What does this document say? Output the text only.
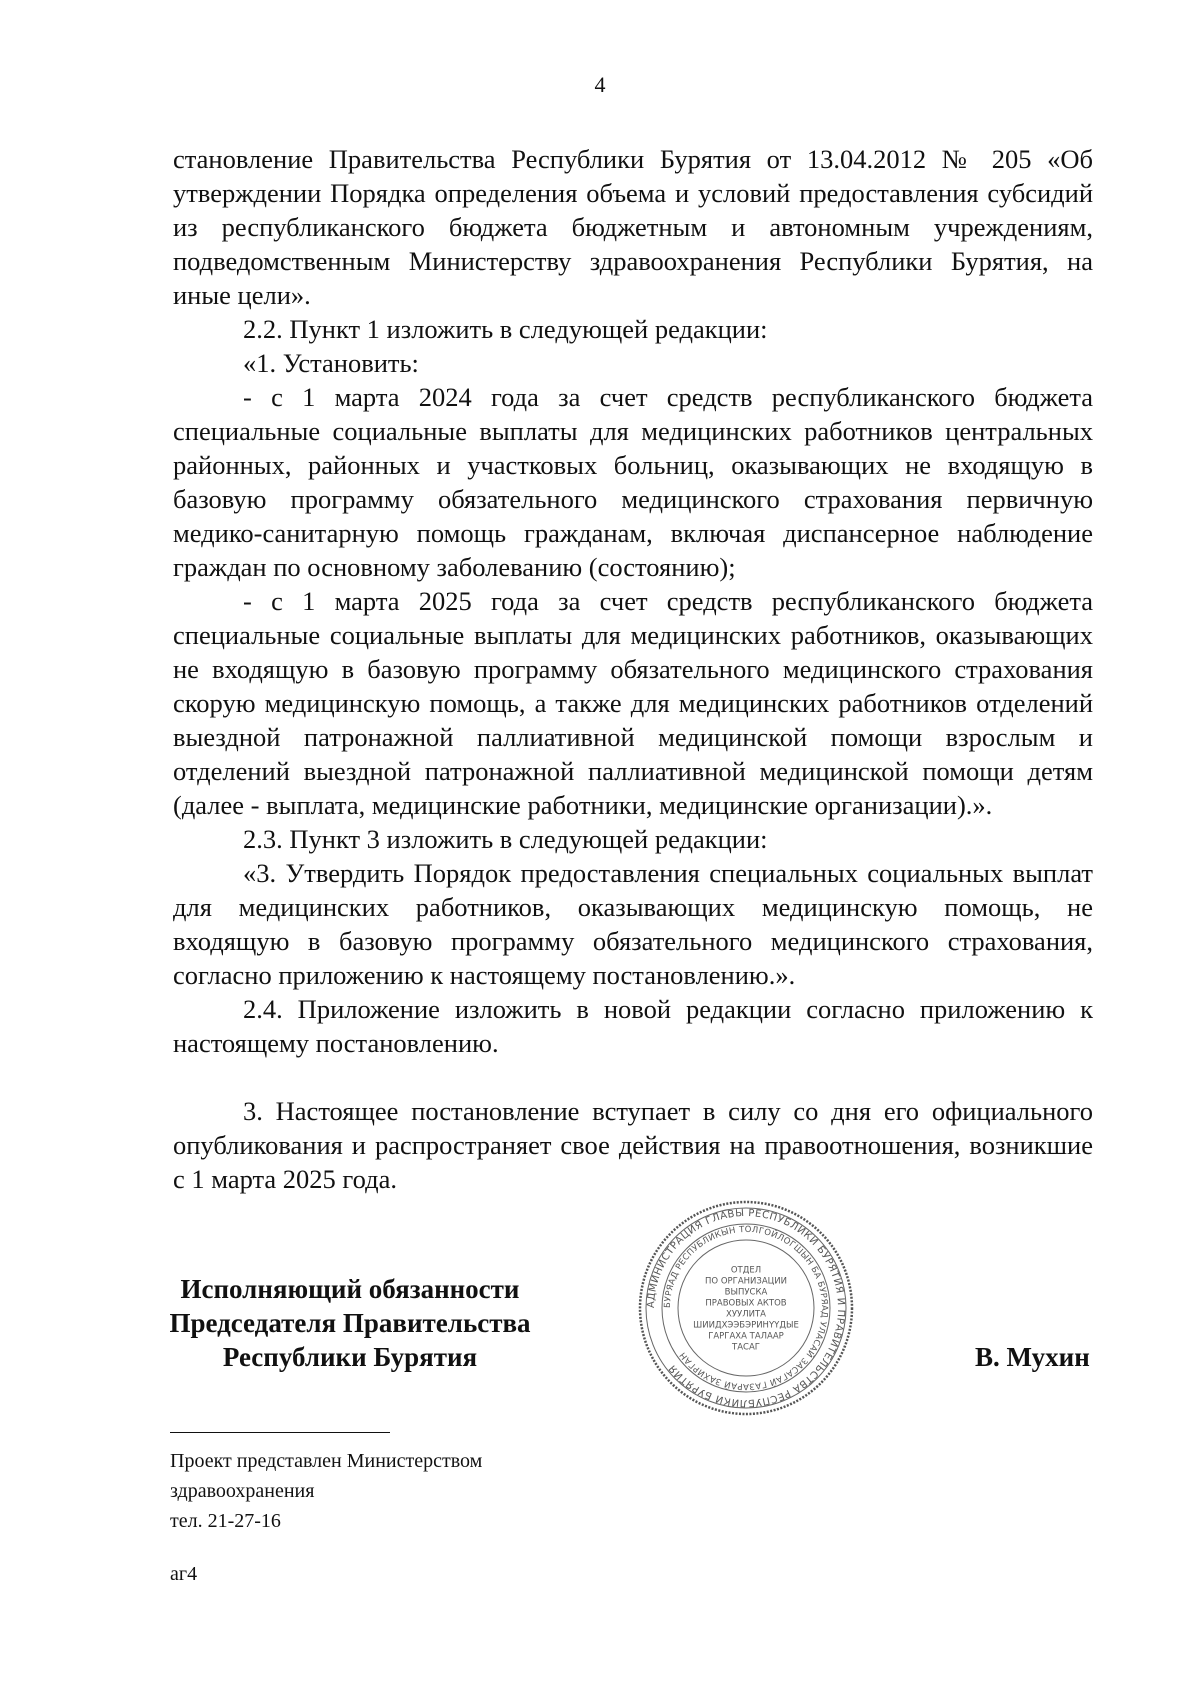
4

становление Правительства Республики Бурятия от 13.04.2012 № 205 «Об утверждении Порядка определения объема и условий предоставления субсидий из республиканского бюджета бюджетным и автономным учреждениям, подведомственным Министерству здравоохранения Республики Бурятия, на иные цели».

2.2. Пункт 1 изложить в следующей редакции:

«1. Установить:

- с 1 марта 2024 года за счет средств республиканского бюджета специальные социальные выплаты для медицинских работников центральных районных, районных и участковых больниц, оказывающих не входящую в базовую программу обязательного медицинского страхования первичную медико-санитарную помощь гражданам, включая диспансерное наблюдение граждан по основному заболеванию (состоянию);

- с 1 марта 2025 года за счет средств республиканского бюджета специальные социальные выплаты для медицинских работников, оказывающих не входящую в базовую программу обязательного медицинского страхования скорую медицинскую помощь, а также для медицинских работников отделений выездной патронажной паллиативной медицинской помощи взрослым и отделений выездной патронажной паллиативной медицинской помощи детям (далее - выплата, медицинские работники, медицинские организации).».

2.3. Пункт 3 изложить в следующей редакции:

«3. Утвердить Порядок предоставления специальных социальных выплат для медицинских работников, оказывающих медицинскую помощь, не входящую в базовую программу обязательного медицинского страхования, согласно приложению к настоящему постановлению.».

2.4. Приложение изложить в новой редакции согласно приложению к настоящему постановлению.

3. Настоящее постановление вступает в силу со дня его официального опубликования и распространяет свое действия на правоотношения, возникшие с 1 марта 2025 года.

Исполняющий обязанности
Председателя Правительства
Республики Бурятия
АДМИНИСТРАЦИЯ ГЛАВЫ РЕСПУБЛИКИ БУРЯТИЯ И ПРАВИТЕЛЬСТВА РЕСПУБЛИКИ БУРЯТИЯ
БУРЯАД РЕСПУБЛИКЫН ТОЛГОЙЛОГШЫН БА БУРЯАД УЛАСАЙ ЗАСАГАЙ ГАЗАРАЙ ЗАХИРГАН
ОТДЕЛ
ПО ОРГАНИЗАЦИИ
ВЫПУСКА
ПРАВОВЫХ АКТОВ
ХУУЛИТА
ШИИДХЭЭБЭРИНҮҮДЫЕ
ГАРГАХА ТАЛААР
ТАСАГ	В. Мухин
Проект представлен Министерством
здравоохранения
тел. 21-27-16
аг4
